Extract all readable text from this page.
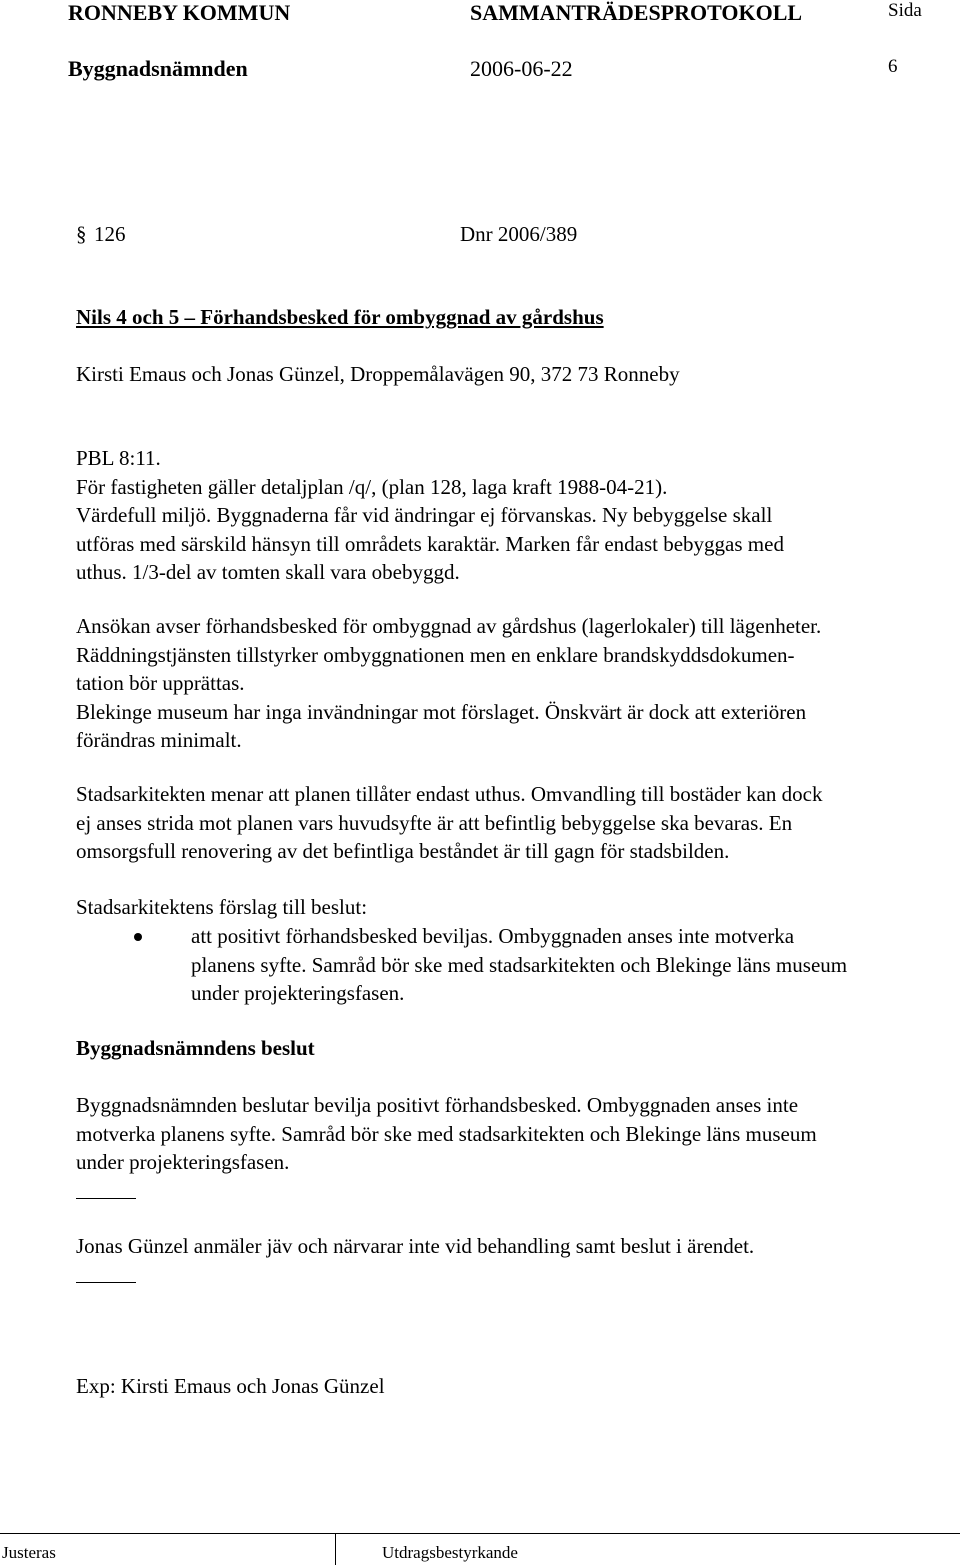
RONNEBY KOMMUN	SAMMANTRÄDESPROTOKOLL	Sida
Byggnadsnämnden	2006-06-22	6
§ 126	Dnr 2006/389
Nils 4 och 5 – Förhandsbesked för ombyggnad av gårdshus
Kirsti Emaus och Jonas Günzel, Droppemålavägen 90, 372 73 Ronneby
PBL 8:11.
För fastigheten gäller detaljplan /q/, (plan 128, laga kraft 1988-04-21).
Värdefull miljö. Byggnaderna får vid ändringar ej förvanskas. Ny bebyggelse skall
utföras med särskild hänsyn till områdets karaktär. Marken får endast bebyggas med
uthus. 1/3-del av tomten skall vara obebyggd.
Ansökan avser förhandsbesked för ombyggnad av gårdshus (lagerlokaler) till lägenheter.
Räddningstjänsten tillstyrker ombyggnationen men en enklare brandskyddsdokumen-
tation bör upprättas.
Blekinge museum har inga invändningar mot förslaget. Önskvärt är dock att exteriören
förändras minimalt.
Stadsarkitekten menar att planen tillåter endast uthus. Omvandling till bostäder kan dock
ej anses strida mot planen vars huvudsyfte är att befintlig bebyggelse ska bevaras. En
omsorgsfull renovering av det befintliga beståndet är till gagn för stadsbilden.
Stadsarkitektens förslag till beslut:
att positivt förhandsbesked beviljas. Ombyggnaden anses inte motverka
planens syfte. Samråd bör ske med stadsarkitekten och Blekinge läns museum
under projekteringsfasen.
Byggnadsnämndens beslut
Byggnadsnämnden beslutar bevilja positivt förhandsbesked. Ombyggnaden anses inte
motverka planens syfte. Samråd bör ske med stadsarkitekten och Blekinge läns museum
under projekteringsfasen.
Jonas Günzel anmäler jäv och närvarar inte vid behandling samt beslut i ärendet.
Exp: Kirsti Emaus och Jonas Günzel
Justeras	Utdragsbestyrkande
